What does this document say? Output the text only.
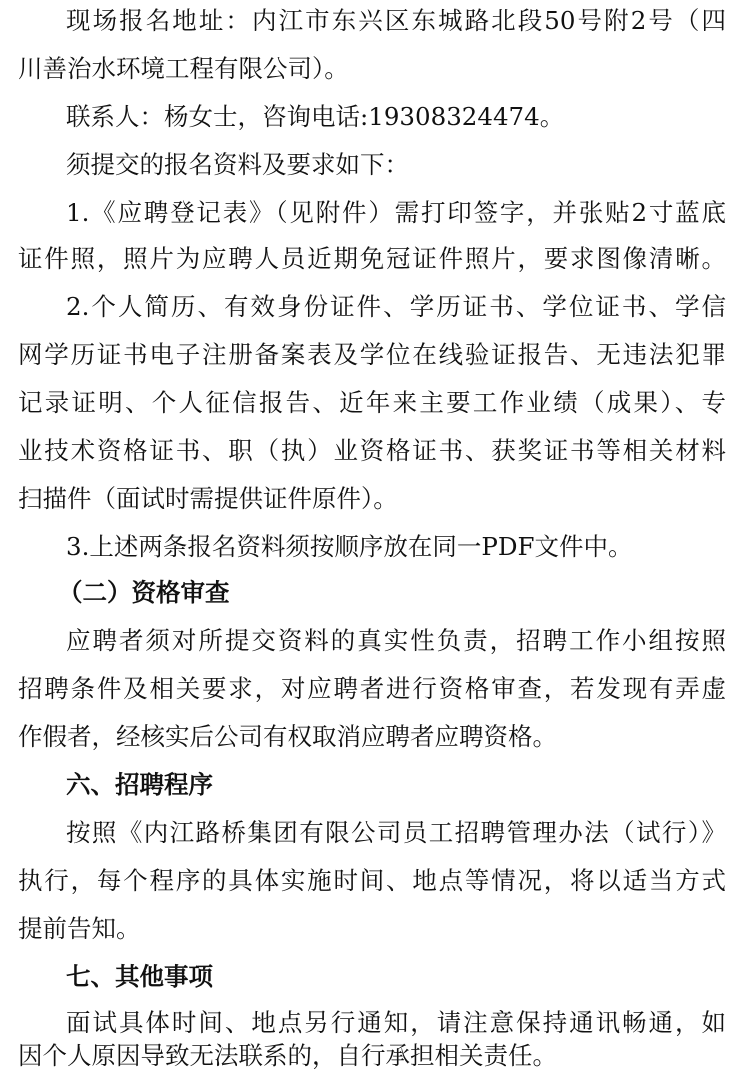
现场报名地址：内江市东兴区东城路北段50号附2号（四
川善治水环境工程有限公司）。
联系人：杨女士，咨询电话:19308324474。
须提交的报名资料及要求如下：
1.《应聘登记表》（见附件）需打印签字，并张贴2寸蓝底
证件照，照片为应聘人员近期免冠证件照片，要求图像清晰。
2.个人简历、有效身份证件、学历证书、学位证书、学信
网学历证书电子注册备案表及学位在线验证报告、无违法犯罪
记录证明、个人征信报告、近年来主要工作业绩（成果）、专
业技术资格证书、职（执）业资格证书、获奖证书等相关材料
扫描件（面试时需提供证件原件）。
3.上述两条报名资料须按顺序放在同一PDF文件中。
（二）资格审查
应聘者须对所提交资料的真实性负责，招聘工作小组按照
招聘条件及相关要求，对应聘者进行资格审查，若发现有弄虚
作假者，经核实后公司有权取消应聘者应聘资格。
六、招聘程序
按照《内江路桥集团有限公司员工招聘管理办法（试行）》
执行，每个程序的具体实施时间、地点等情况，将以适当方式
提前告知。
七、其他事项
面试具体时间、地点另行通知，请注意保持通讯畅通，如
因个人原因导致无法联系的，自行承担相关责任。
